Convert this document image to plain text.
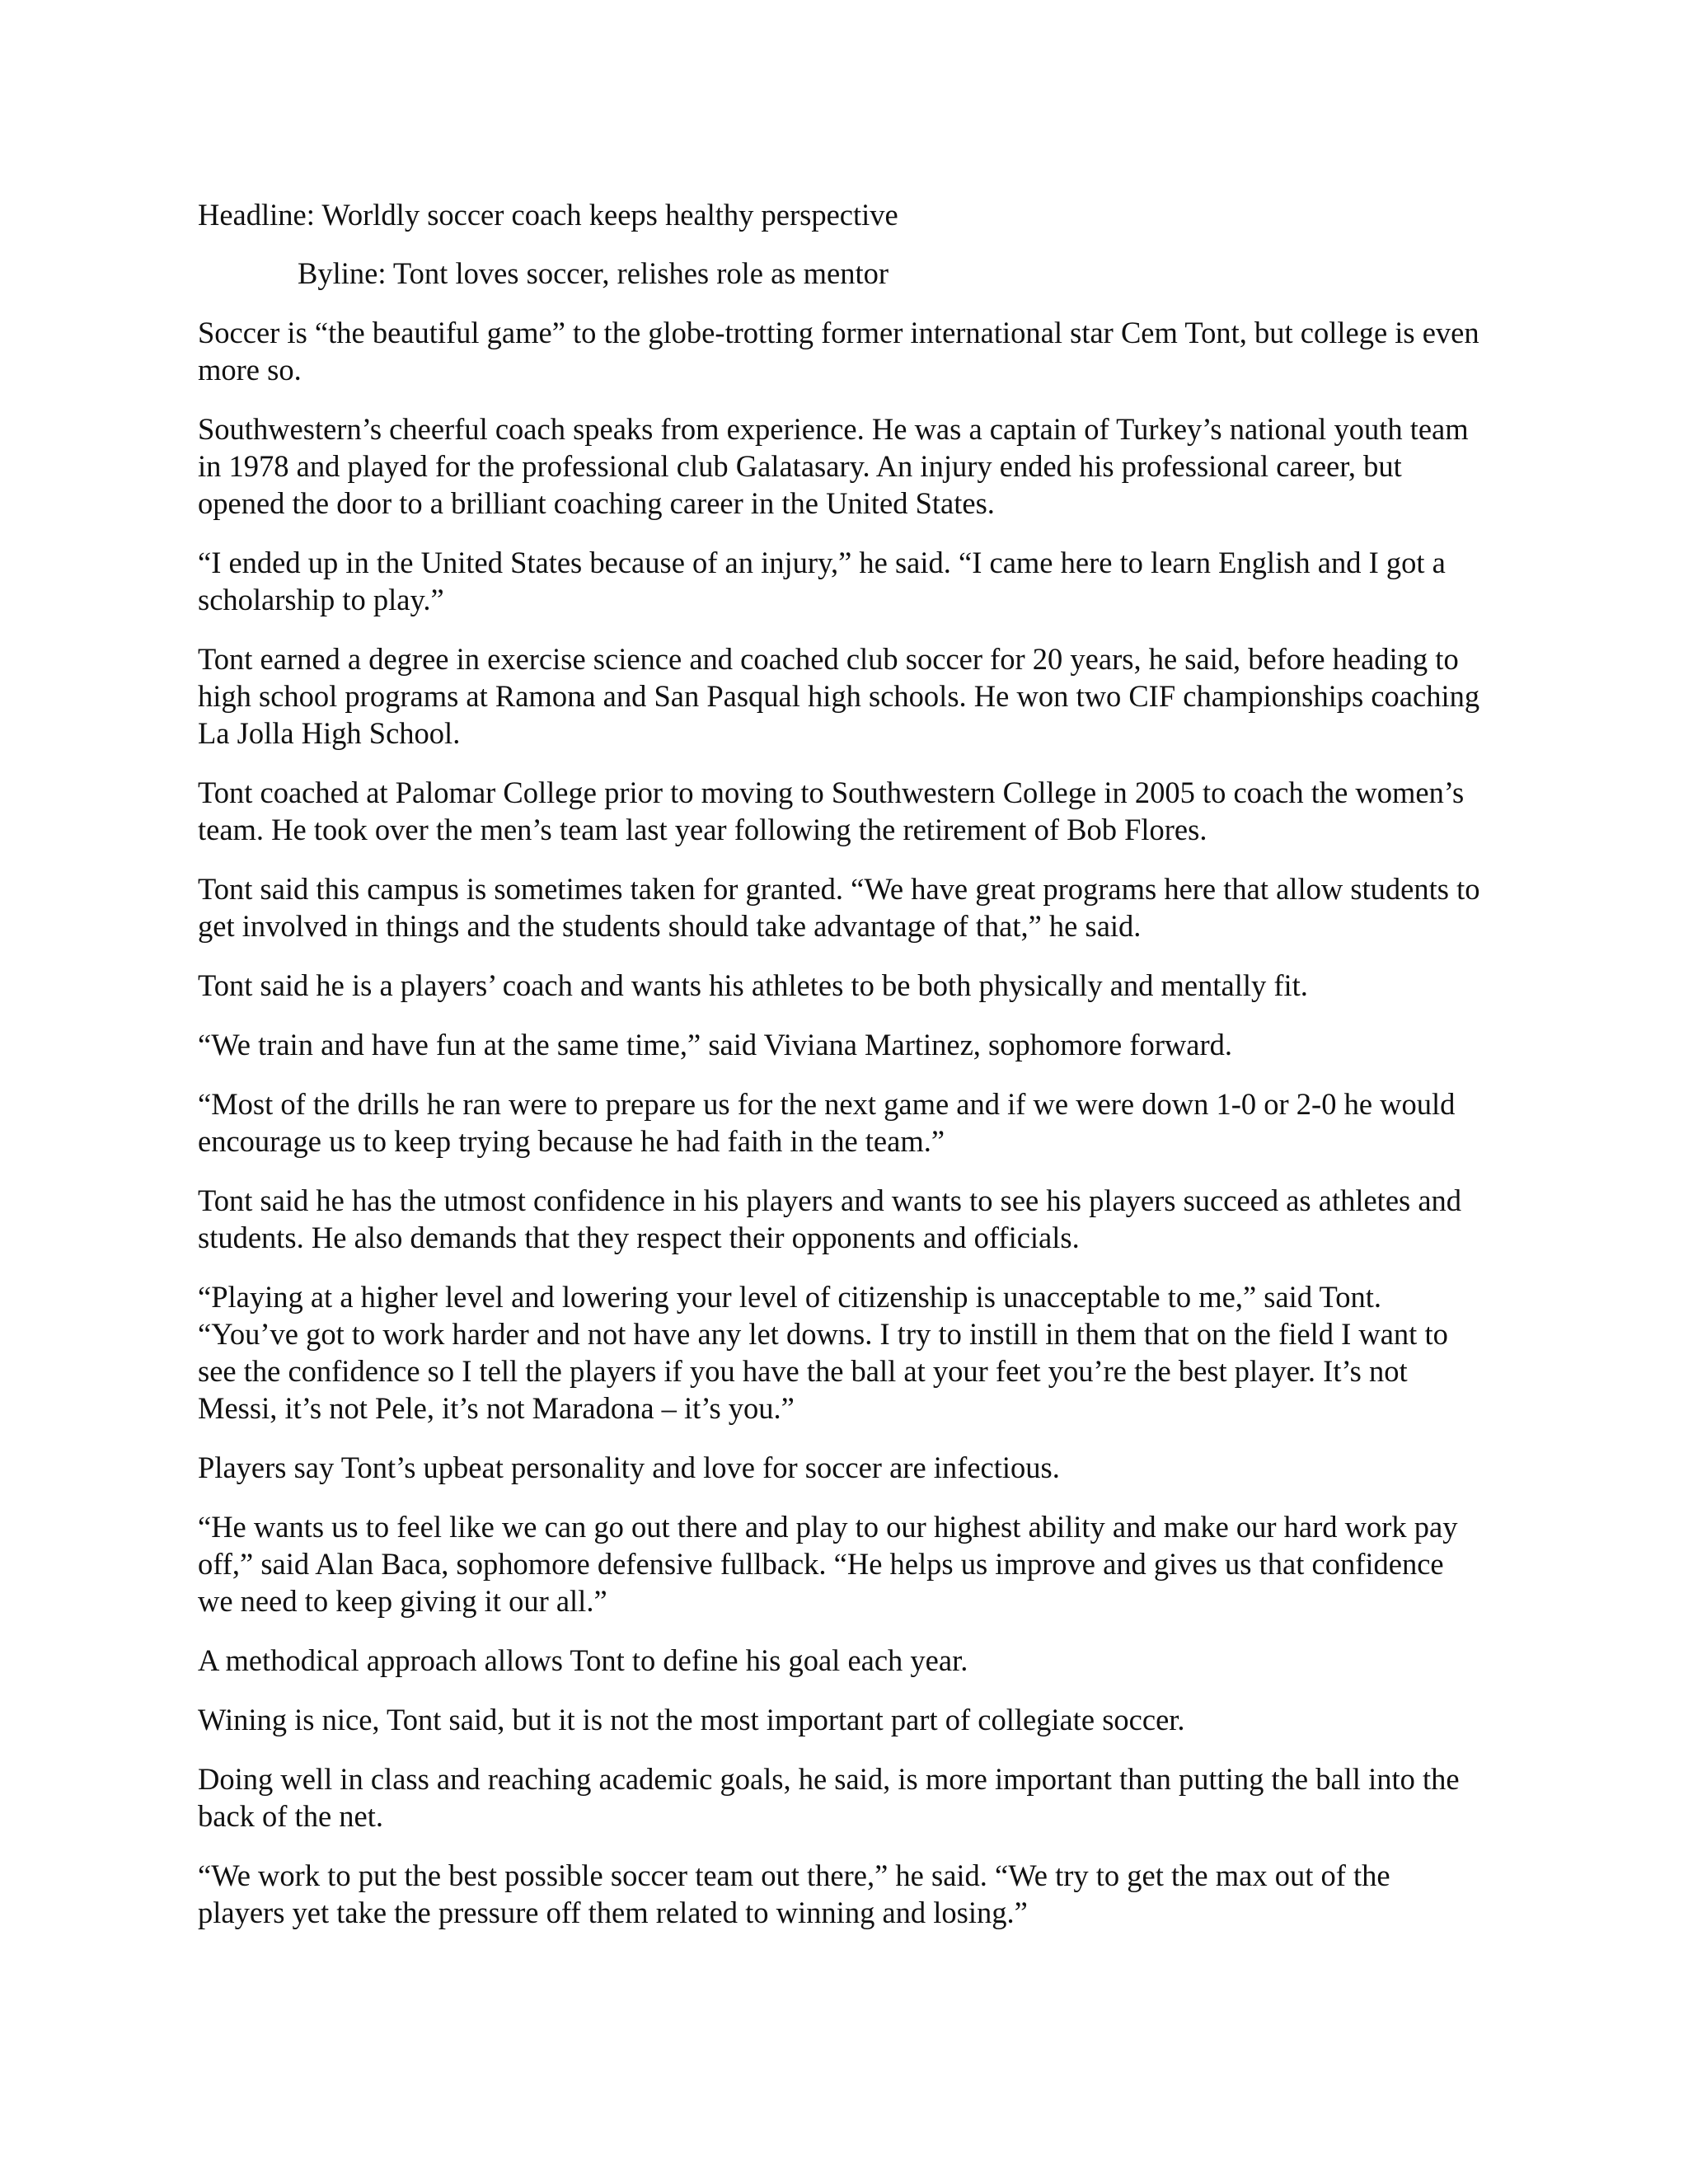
Headline: Worldly soccer coach keeps healthy perspective

Byline: Tont loves soccer, relishes role as mentor

Soccer is “the beautiful game” to the globe-trotting former international star Cem Tont, but college is even more so.

Southwestern’s cheerful coach speaks from experience. He was a captain of Turkey’s national youth team in 1978 and played for the professional club Galatasary. An injury ended his professional career, but opened the door to a brilliant coaching career in the United States.

“I ended up in the United States because of an injury,” he said. “I came here to learn English and I got a scholarship to play.”

Tont earned a degree in exercise science and coached club soccer for 20 years, he said, before heading to high school programs at Ramona and San Pasqual high schools. He won two CIF championships coaching La Jolla High School.

Tont coached at Palomar College prior to moving to Southwestern College in 2005 to coach the women’s team. He took over the men’s team last year following the retirement of Bob Flores.

Tont said this campus is sometimes taken for granted. “We have great programs here that allow students to get involved in things and the students should take advantage of that,” he said.

Tont said he is a players’ coach and wants his athletes to be both physically and mentally fit.

“We train and have fun at the same time,” said Viviana Martinez, sophomore forward.

“Most of the drills he ran were to prepare us for the next game and if we were down 1-0 or 2-0 he would encourage us to keep trying because he had faith in the team.”

Tont said he has the utmost confidence in his players and wants to see his players succeed as athletes and students. He also demands that they respect their opponents and officials.

“Playing at a higher level and lowering your level of citizenship is unacceptable to me,” said Tont. “You’ve got to work harder and not have any let downs. I try to instill in them that on the field I want to see the confidence so I tell the players if you have the ball at your feet you’re the best player. It’s not Messi, it’s not Pele, it’s not Maradona – it’s you.”

Players say Tont’s upbeat personality and love for soccer are infectious.

“He wants us to feel like we can go out there and play to our highest ability and make our hard work pay off,” said Alan Baca, sophomore defensive fullback. “He helps us improve and gives us that confidence we need to keep giving it our all.”

A methodical approach allows Tont to define his goal each year.

Wining is nice, Tont said, but it is not the most important part of collegiate soccer.

Doing well in class and reaching academic goals, he said, is more important than putting the ball into the back of the net.

“We work to put the best possible soccer team out there,” he said. “We try to get the max out of the players yet take the pressure off them related to winning and losing.”
